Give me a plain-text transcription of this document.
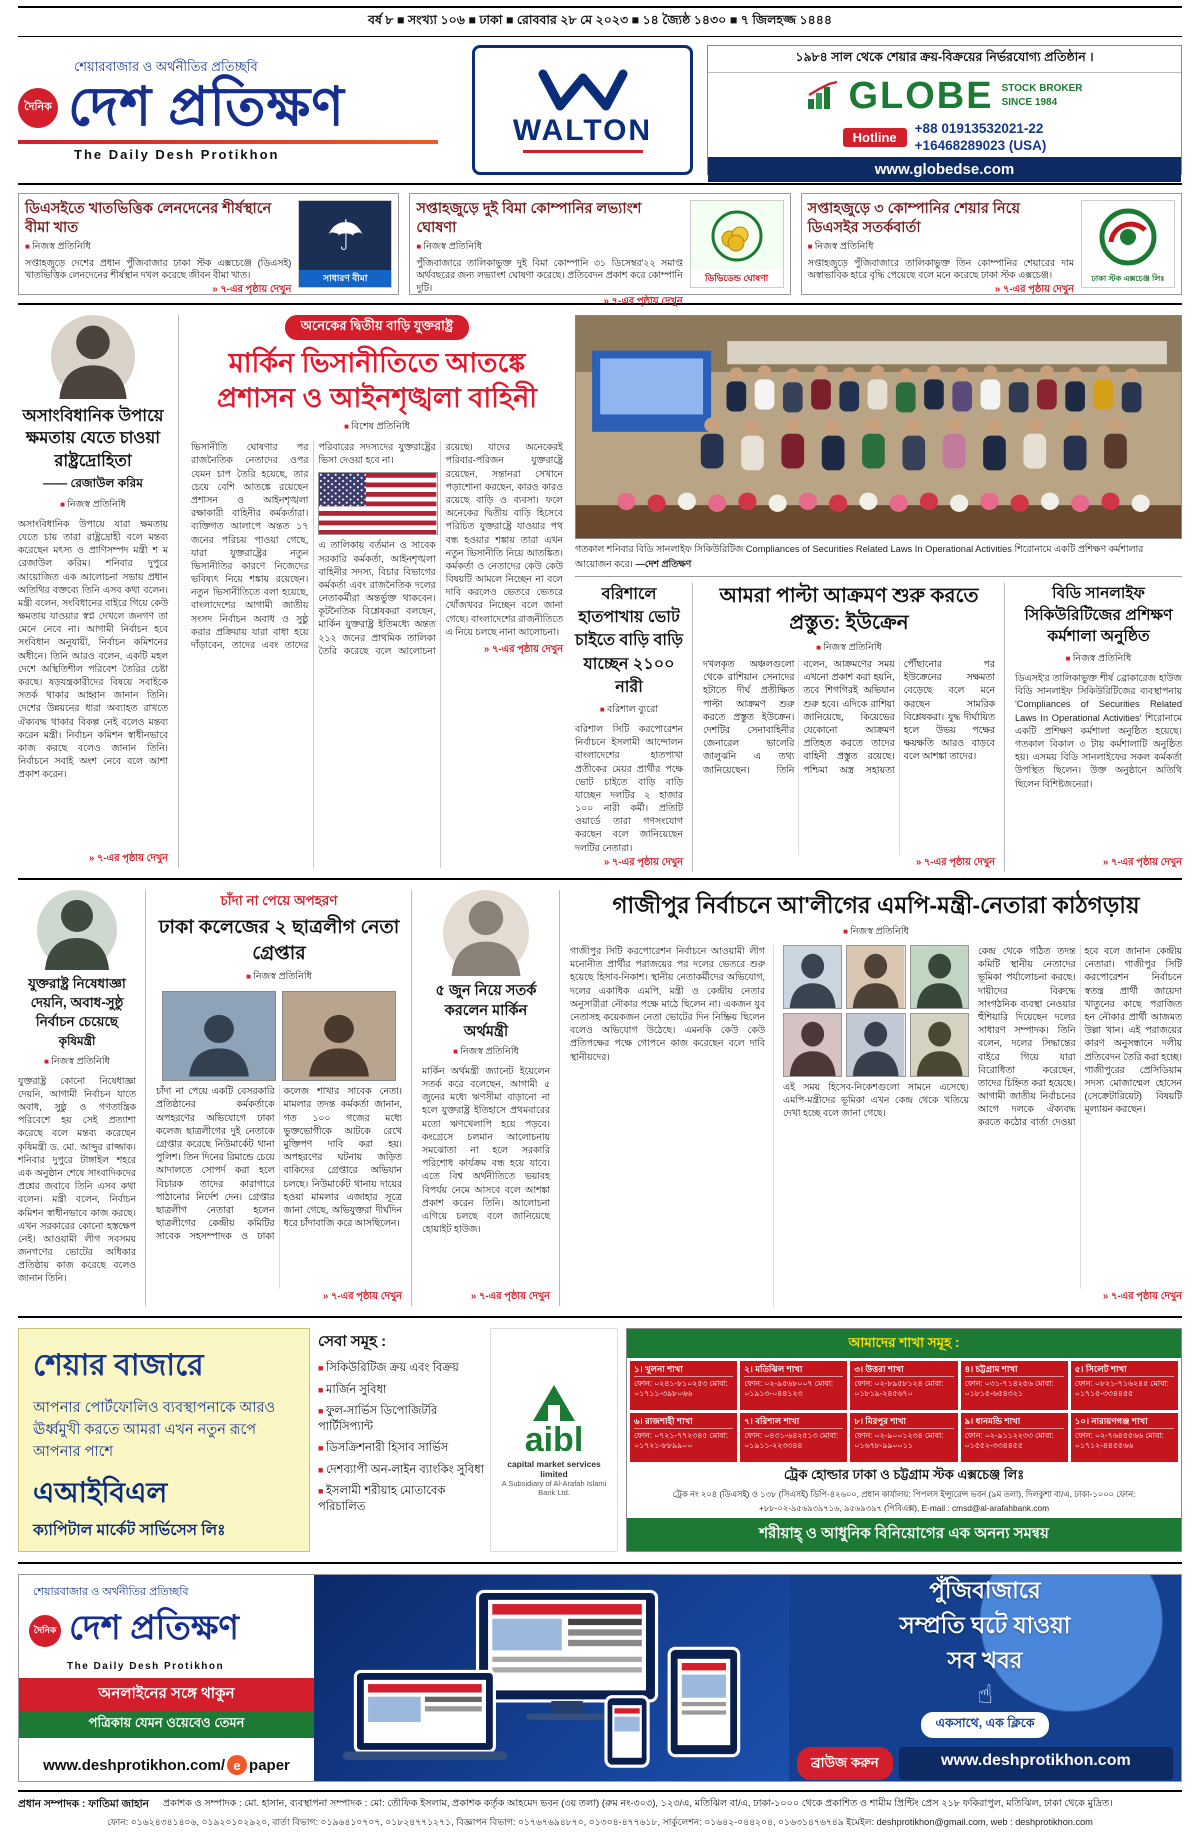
বর্ষ ৮ ■ সংখ্যা ১০৬ ■ ঢাকা ■ রোববার ২৮ মে ২০২৩ ■ ১৪ জ্যৈষ্ঠ ১৪৩০ ■ ৭ জিলহজ্জ ১৪৪৪
শেয়ারবাজার ও অর্থনীতির প্রতিচ্ছবি
দৈনিক দেশ প্রতিক্ষণ
The Daily Desh Protikhon
WALTON
১৯৮৪ সাল থেকে শেয়ার ক্রয়-বিক্রয়ের নির্ভরযোগ্য প্রতিষ্ঠান ।
GLOBE STOCK BROKER
SINCE 1984
Hotline
+88 01913532021-22
+16468289023 (USA)
www.globedse.com
ডিএসইতে খাতভিত্তিক লেনদেনের শীর্ষস্থানে বীমা খাত
■ নিজস্ব প্রতিনিধি

সপ্তাহজুড়ে দেশের প্রধান পুঁজিবাজার ঢাকা স্টক এক্সচেঞ্জে (ডিএসই) খাতভিত্তিক লেনদেনের শীর্ষস্থান দখল করেছে জীবন বীমা খাত।

» ৭-এর পৃষ্ঠায় দেখুন
☂
সাধারণ বীমা
সপ্তাহজুড়ে দুই বিমা কোম্পানির লভ্যাংশ ঘোষণা
■ নিজস্ব প্রতিনিধি

পুঁজিবাজারে তালিকাভুক্ত দুই বিমা কোম্পানি ৩১ ডিসেম্বর'২২ সমাপ্ত অর্থবছরের জন্য লভ্যাংশ ঘোষণা করেছে। প্রতিবেদন প্রকাশ করে কোম্পানি দুটি।

» ৭-এর পৃষ্ঠায় দেখুন
ডিভিডেন্ড ঘোষণা
সপ্তাহজুড়ে ৩ কোম্পানির শেয়ার নিয়ে ডিএসইর সতর্কবার্তা
■ নিজস্ব প্রতিনিধি

সপ্তাহজুড়ে পুঁজিবাজারে তালিকাভুক্ত তিন কোম্পানির শেয়ারের দাম অস্বাভাবিক হারে বৃদ্ধি পেয়েছে বলে মনে করেছে ঢাকা স্টক এক্সচেঞ্জ।

» ৭-এর পৃষ্ঠায় দেখুন
ঢাকা স্টক এক্সচেঞ্জ লিঃ
অসাংবিধানিক উপায়ে ক্ষমতায় যেতে চাওয়া রাষ্ট্রদ্রোহিতা
—— রেজাউল করিম
■ নিজস্ব প্রতিনিধি

অসাংবিধানিক উপায়ে যারা ক্ষমতায় যেতে চায় তারা রাষ্ট্রদ্রোহী বলে মন্তব্য করেছেন মৎস্য ও প্রাণিসম্পদ মন্ত্রী শ ম রেজাউল করিম। শনিবার দুপুরে আয়োজিত এক আলোচনা সভায় প্রধান অতিথির বক্তব্যে তিনি এসব কথা বলেন। মন্ত্রী বলেন, সংবিধানের বাইরে গিয়ে কেউ ক্ষমতায় যাওয়ার স্বপ্ন দেখলে জনগণ তা মেনে নেবে না। আগামী নির্বাচন হবে সংবিধান অনুযায়ী, নির্বাচন কমিশনের অধীনে। তিনি আরও বলেন, একটি মহল দেশে অস্থিতিশীল পরিবেশ তৈরির চেষ্টা করছে। ষড়যন্ত্রকারীদের বিষয়ে সবাইকে সতর্ক থাকার আহ্বান জানান তিনি। দেশের উন্নয়নের ধারা অব্যাহত রাখতে ঐক্যবদ্ধ থাকার বিকল্প নেই বলেও মন্তব্য করেন মন্ত্রী। নির্বাচন কমিশন স্বাধীনভাবে কাজ করছে বলেও জানান তিনি। নির্বাচনে সবাই অংশ নেবে বলে আশা প্রকাশ করেন।

» ৭-এর পৃষ্ঠায় দেখুন
অনেকের দ্বিতীয় বাড়ি যুক্তরাষ্ট্র
মার্কিন ভিসানীতিতে আতঙ্কে প্রশাসন ও আইনশৃঙ্খলা বাহিনী
■ বিশেষ প্রতিনিধি

ভিসানীতি ঘোষণার পর রাজনৈতিক নেতাদের ওপর যেমন চাপ তৈরি হয়েছে, তার চেয়ে বেশি আতঙ্কে রয়েছেন প্রশাসন ও আইনশৃঙ্খলা রক্ষাকারী বাহিনীর কর্মকর্তারা। ব্যক্তিগত আলাপে অন্তত ১৭ জনের পরিচয় পাওয়া গেছে, যারা যুক্তরাষ্ট্রের নতুন ভিসানীতির কারণে নিজেদের ভবিষ্যৎ নিয়ে শঙ্কায় রয়েছেন। নতুন ভিসানীতিতে বলা হয়েছে, বাংলাদেশের আগামী জাতীয় সংসদ নির্বাচন অবাধ ও সুষ্ঠু করার প্রক্রিয়ায় যারা বাধা হয়ে দাঁড়াবেন, তাদের এবং তাদের পরিবারের সদস্যদের যুক্তরাষ্ট্রের ভিসা দেওয়া হবে না।

এ তালিকায় বর্তমান ও সাবেক সরকারি কর্মকর্তা, আইনশৃঙ্খলা বাহিনীর সদস্য, বিচার বিভাগের কর্মকর্তা এবং রাজনৈতিক দলের নেতাকর্মীরা অন্তর্ভুক্ত থাকবেন। কূটনৈতিক বিশ্লেষকরা বলছেন, মার্কিন যুক্তরাষ্ট্র ইতিমধ্যে অন্তত ২১২ জনের প্রাথমিক তালিকা তৈরি করেছে বলে আলোচনা রয়েছে। যাদের অনেকেরই পরিবার-পরিজন যুক্তরাষ্ট্রে রয়েছেন, সন্তানরা সেখানে পড়াশোনা করছেন, কারও কারও রয়েছে বাড়ি ও ব্যবসা। ফলে অনেকের দ্বিতীয় বাড়ি হিসেবে পরিচিত যুক্তরাষ্ট্রে যাওয়ার পথ বন্ধ হওয়ার শঙ্কায় তারা এখন নতুন ভিসানীতি নিয়ে আতঙ্কিত। কর্মকর্তা ও নেতাদের কেউ কেউ বিষয়টি আমলে নিচ্ছেন না বলে দাবি করলেও ভেতরে ভেতরে খোঁজখবর নিচ্ছেন বলে জানা গেছে। বাংলাদেশের রাজনীতিতে এ নিয়ে চলছে নানা আলোচনা।

» ৭-এর পৃষ্ঠায় দেখুন
গতকাল শনিবার বিডি সানলাইফ সিকিউরিটিজ Compliances of Securities Related Laws In Operational Activities শিরোনামে একটি প্রশিক্ষণ কর্মশালার আয়োজন করে। —দেশ প্রতিক্ষণ
বরিশালে হাতপাখায় ভোট চাইতে বাড়ি বাড়ি যাচ্ছেন ২১০০ নারী
■ বরিশাল ব্যুরো

বরিশাল সিটি করপোরেশন নির্বাচনে ইসলামী আন্দোলন বাংলাদেশের হাতপাখা প্রতীকের মেয়র প্রার্থীর পক্ষে ভোট চাইতে বাড়ি বাড়ি যাচ্ছেন দলটির ২ হাজার ১০০ নারী কর্মী। প্রতিটি ওয়ার্ডে তারা গণসংযোগ করছেন বলে জানিয়েছেন দলটির নেতারা।

» ৭-এর পৃষ্ঠায় দেখুন
আমরা পাল্টা আক্রমণ শুরু করতে প্রস্তুত: ইউক্রেন
■ নিজস্ব প্রতিনিধি
দখলকৃত অঞ্চলগুলো থেকে রাশিয়ান সেনাদের হটাতে দীর্ঘ প্রতীক্ষিত পাল্টা আক্রমণ শুরু করতে প্রস্তুত ইউক্রেন। দেশটির সেনাবাহিনীর জেনারেল ভালেরি জালুঝনি এ তথ্য জানিয়েছেন। তিনি বলেন, আক্রমণের সময় এখনো প্রকাশ করা হয়নি, তবে শিগগিরই অভিযান শুরু হবে। এদিকে রাশিয়া জানিয়েছে, কিয়েভের যেকোনো আক্রমণ প্রতিহত করতে তাদের বাহিনী প্রস্তুত রয়েছে। পশ্চিমা অস্ত্র সহায়তা পৌঁছানোর পর ইউক্রেনের সক্ষমতা বেড়েছে বলে মনে করছেন সামরিক বিশ্লেষকরা। যুদ্ধ দীর্ঘায়িত হলে উভয় পক্ষের ক্ষয়ক্ষতি আরও বাড়বে বলে আশঙ্কা তাদের।
» ৭-এর পৃষ্ঠায় দেখুন
বিডি সানলাইফ সিকিউরিটিজের প্রশিক্ষণ কর্মশালা অনুষ্ঠিত
■ নিজস্ব প্রতিনিধি

ডিএসই'র তালিকাভুক্ত শীর্ষ ব্রোকারেজ হাউজ বিডি সানলাইফ সিকিউরিটিজের ব্যবস্থাপনায় 'Compliances of Securities Related Laws In Operational Activities' শিরোনামে একটি প্রশিক্ষণ কর্মশালা অনুষ্ঠিত হয়েছে। গতকাল বিকাল ৩ টায় কর্মশালাটি অনুষ্ঠিত হয়। এসময় বিডি সানলাইফের সকল কর্মকর্তা উপস্থিত ছিলেন। উক্ত অনুষ্ঠানে অতিথি ছিলেন বিশিষ্টজনেরা।

» ৭-এর পৃষ্ঠায় দেখুন
যুক্তরাষ্ট্র নিষেধাজ্ঞা দেয়নি, অবাধ-সুষ্ঠু নির্বাচন চেয়েছে
কৃষিমন্ত্রী
■ নিজস্ব প্রতিনিধি

যুক্তরাষ্ট্র কোনো নিষেধাজ্ঞা দেয়নি, আগামী নির্বাচন যাতে অবাধ, সুষ্ঠু ও গণতান্ত্রিক পরিবেশে হয় সেই প্রত্যাশা করেছে বলে মন্তব্য করেছেন কৃষিমন্ত্রী ড. মো. আব্দুর রাজ্জাক। শনিবার দুপুরে টাঙ্গাইল শহরে এক অনুষ্ঠান শেষে সাংবাদিকদের প্রশ্নের জবাবে তিনি এসব কথা বলেন। মন্ত্রী বলেন, নির্বাচন কমিশন স্বাধীনভাবে কাজ করছে। এখন সরকারের কোনো হস্তক্ষেপ নেই। আওয়ামী লীগ সবসময় জনগণের ভোটের অধিকার প্রতিষ্ঠায় কাজ করেছে বলেও জানান তিনি।

চাঁদা না পেয়ে অপহরণ
ঢাকা কলেজের ২ ছাত্রলীগ নেতা গ্রেপ্তার
■ নিজস্ব প্রতিনিধি
চাঁদা না পেয়ে একটি বেসরকারি প্রতিষ্ঠানের কর্মকর্তাকে অপহরণের অভিযোগে ঢাকা কলেজ ছাত্রলীগের দুই নেতাকে গ্রেপ্তার করেছে নিউমার্কেট থানা পুলিশ। তিন দিনের রিমান্ডে চেয়ে আদালতে সোপর্দ করা হলে বিচারক তাদের কারাগারে পাঠানোর নির্দেশ দেন। গ্রেপ্তার ছাত্রলীগ নেতারা হলেন ছাত্রলীগের কেন্দ্রীয় কমিটির সাবেক সহসম্পাদক ও ঢাকা কলেজ শাখার সাবেক নেতা। মামলার তদন্ত কর্মকর্তা জানান, গত ১০০ গজের মধ্যে ভুক্তভোগীকে আটকে রেখে মুক্তিপণ দাবি করা হয়। অপহরণের ঘটনায় জড়িত বাকিদের গ্রেপ্তারে অভিযান চলছে। নিউমার্কেট থানায় দায়ের হওয়া মামলার এজাহার সূত্রে জানা গেছে, অভিযুক্তরা দীর্ঘদিন ধরে চাঁদাবাজি করে আসছিলেন।
» ৭-এর পৃষ্ঠায় দেখুন
৫ জুন নিয়ে সতর্ক করলেন মার্কিন অর্থমন্ত্রী
■ নিজস্ব প্রতিনিধি

মার্কিন অর্থমন্ত্রী জ্যানেট ইয়েলেন সতর্ক করে বলেছেন, আগামী ৫ জুনের মধ্যে ঋণসীমা বাড়ানো না হলে যুক্তরাষ্ট্র ইতিহাসে প্রথমবারের মতো ঋণখেলাপি হয়ে পড়বে। কংগ্রেসে চলমান আলোচনায় সমঝোতা না হলে সরকারি পরিশোধ কার্যক্রম বন্ধ হয়ে যাবে। এতে বিশ্ব অর্থনীতিতে ভয়াবহ বিপর্যয় নেমে আসবে বলে আশঙ্কা প্রকাশ করেন তিনি। আলোচনা এগিয়ে চলছে বলে জানিয়েছে হোয়াইট হাউজ।

» ৭-এর পৃষ্ঠায় দেখুন
গাজীপুর নির্বাচনে আ'লীগের এমপি-মন্ত্রী-নেতারা কাঠগড়ায়
■ নিজস্ব প্রতিনিধি
গাজীপুর সিটি করপোরেশন নির্বাচনে আওয়ামী লীগ মনোনীত প্রার্থীর পরাজয়ের পর দলের ভেতরে শুরু হয়েছে হিসাব-নিকাশ। স্থানীয় নেতাকর্মীদের অভিযোগ, দলের একাধিক এমপি, মন্ত্রী ও কেন্দ্রীয় নেতার অনুসারীরা নৌকার পক্ষে মাঠে ছিলেন না। একজন যুব নেতাসহ কয়েকজন নেতা ভোটের দিন নিষ্ক্রিয় ছিলেন বলেও অভিযোগ উঠেছে। এমনকি কেউ কেউ প্রতিপক্ষের পক্ষে গোপনে কাজ করেছেন বলে দাবি স্থানীয়দের।
এই সময় হিসেব-নিকেশগুলো সামনে এসেছে। এমপি-মন্ত্রীদের ভূমিকা এখন কেন্দ্র থেকে খতিয়ে দেখা হচ্ছে বলে জানা গেছে।
কেন্দ্র থেকে গঠিত তদন্ত কমিটি স্থানীয় নেতাদের ভূমিকা পর্যালোচনা করছে। দায়ীদের বিরুদ্ধে সাংগঠনিক ব্যবস্থা নেওয়ার হুঁশিয়ারি দিয়েছেন দলের সাধারণ সম্পাদক। তিনি বলেন, দলের সিদ্ধান্তের বাইরে গিয়ে যারা বিরোধিতা করেছেন, তাদের চিহ্নিত করা হয়েছে। আগামী জাতীয় নির্বাচনের আগে দলকে ঐক্যবদ্ধ করতে কঠোর বার্তা দেওয়া হবে বলে জানান কেন্দ্রীয় নেতারা। গাজীপুর সিটি করপোরেশন নির্বাচনে স্বতন্ত্র প্রার্থী জায়েদা খাতুনের কাছে পরাজিত হন নৌকার প্রার্থী আজমত উল্লা খান। এই পরাজয়ের কারণ অনুসন্ধানে দলীয় প্রতিবেদন তৈরি করা হচ্ছে। গাজীপুরের প্রেসিডিয়াম সদস্য মোজাম্মেল হোসেন (সেক্রেটারিয়েট) বিষয়টি মূল্যায়ন করছেন।
» ৭-এর পৃষ্ঠায় দেখুন
শেয়ার বাজারে

আপনার পোর্টফোলিও ব্যবস্থাপনাকে আরও ঊর্ধ্বমুখী করতে আমরা এখন নতুন রূপে আপনার পাশে

এআইবিএল
ক্যাপিটাল মার্কেট সার্ভিসেস লিঃ
সেবা সমূহ :
■ সিকিউরিটিজ ক্রয় এবং বিক্রয়
■ মার্জিন সুবিধা
■ ফুল-সার্ভিস ডিপোজিটরি পার্টিসিপ্যান্ট
■ ডিসক্রিশনারী হিসাব সার্ভিস
■ দেশব্যাপী অন-লাইন ব্যাংকিং সুবিধা
■ ইসলামী শরীয়াহ মোতাবেক পরিচালিত
aibl
capital market services limited
A Subsidiary of Al-Arafah Islami Bank Ltd.
আমাদের শাখা সমূহ :
১। খুলনা শাখা
ফোন: ০২৪১-৮১০২৫৩ মোবা: ০১৭১১-৩৯৮০৬৬
২। মতিঝিল শাখা
ফোন: ০২-৯৫৬৮০০৭ মোবা: ০১৯১৩-০৪৪১২৩
৩। উত্তরা শাখা
ফোন: ০২-৮৯৫৮১২৪ মোবা: ০১৮১৯-২৪৫৬৭০
৪। চট্টগ্রাম শাখা
ফোন: ০৩১-৭১৪২৫৬ মোবা: ০১৮১৫-৬৫৪৩২১
৫। সিলেট শাখা
ফোন: ০৮২১-৭১৬২৪৫ মোবা: ০১৭১৫-৩৩৪৪৫৫
৬। রাজশাহী শাখা
ফোন: ০৭২১-৭৭২৩৪৫ মোবা: ০১৭২১-৮৮৯৯০০
৭। বরিশাল শাখা
ফোন: ০৪৩১-৬৪২৫১৩ মোবা: ০১৯১১-২২৩৩৪৪
৮। মিরপুর শাখা
ফোন: ০২-৯০০১২৩৪ মোবা: ০১৬৭৮-৯৯০০১১
৯। ধানমন্ডি শাখা
ফোন: ০২-৯১১২২৩৩ মোবা: ০১৫৫২-৩৩৪৪৫৫
১০। নারায়ণগঞ্জ শাখা
ফোন: ০২-৭৬৪৫৫৬৬ মোবা: ০১৭১২-৪৪৫৫৬৬
ট্রেক হোল্ডার ঢাকা ও চট্টগ্রাম স্টক এক্সচেঞ্জ লিঃ
ট্রেক নং ২০৪ (ডিএসই) ও ১৩৮ (সিএসই) ডিপি-৪২৬০০, প্রধান কার্যালয়: পিপলস ইন্স্যুরেন্স ভবন (৯ম তলা), দিলকুশা বা/এ, ঢাকা-১০০০ ফোন: +৮৮-০২-৯৫৬৯৩৯৭১৬, ৯৫৬৯৩৯৭ (পিবিএক্স), E-mail : cmsd@al-arafahbank.com
শরীয়াহ্ ও আধুনিক বিনিয়োগের এক অনন্য সমন্বয়
শেয়ারবাজার ও অর্থনীতির প্রতিচ্ছবি
দৈনিক দেশ প্রতিক্ষণ
The Daily Desh Protikhon
অনলাইনের সঙ্গে থাকুন
পত্রিকায় যেমন ওয়েবেও তেমন
www.deshprotikhon.com/ e paper
পুঁজিবাজারে
সম্প্রতি ঘটে যাওয়া
সব খবর
☝
একসাথে, এক ক্লিকে
ব্রাউজ করুন	www.deshprotikhon.com
প্রধান সম্পাদক : ফাতিমা জাহান প্রকাশক ও সম্পাদক : মো. হাসান, ব্যবস্থাপনা সম্পাদক : মো: তৌফিক ইসলাম, প্রকাশক কর্তৃক আহমেদ ভবন (৩য় তলা) (রুম নং-৩০৩), ১২৩/এ, মতিঝিল বা/এ, ঢাকা-১০০০ থেকে প্রকাশিত ও শামীম প্রিন্টিং প্রেস ২১৮ ফকিরাপুল, মতিঝিল, ঢাকা থেকে মুদ্রিত।
ফোন: ০১৬২৪৩৪১৪০৬, ০১৯২০১০২৯২০, বার্তা বিভাগ: ০১৯৬৪১০৭০৭, ০১৮২৪৭৭১২৭১, বিজ্ঞাপন বিভাগ: ০১৭৬৭৬৯৪৮৭০, ০১৩০৪-৪৭৭৬১৮, সার্কুলেশন: ০১৬৪২-০৪৪২০৪, ০১৬৩১৪৭৬৭৪৯ ইমেইল: deshprotikhon@gmail.com, web : deshprotikhon.com
